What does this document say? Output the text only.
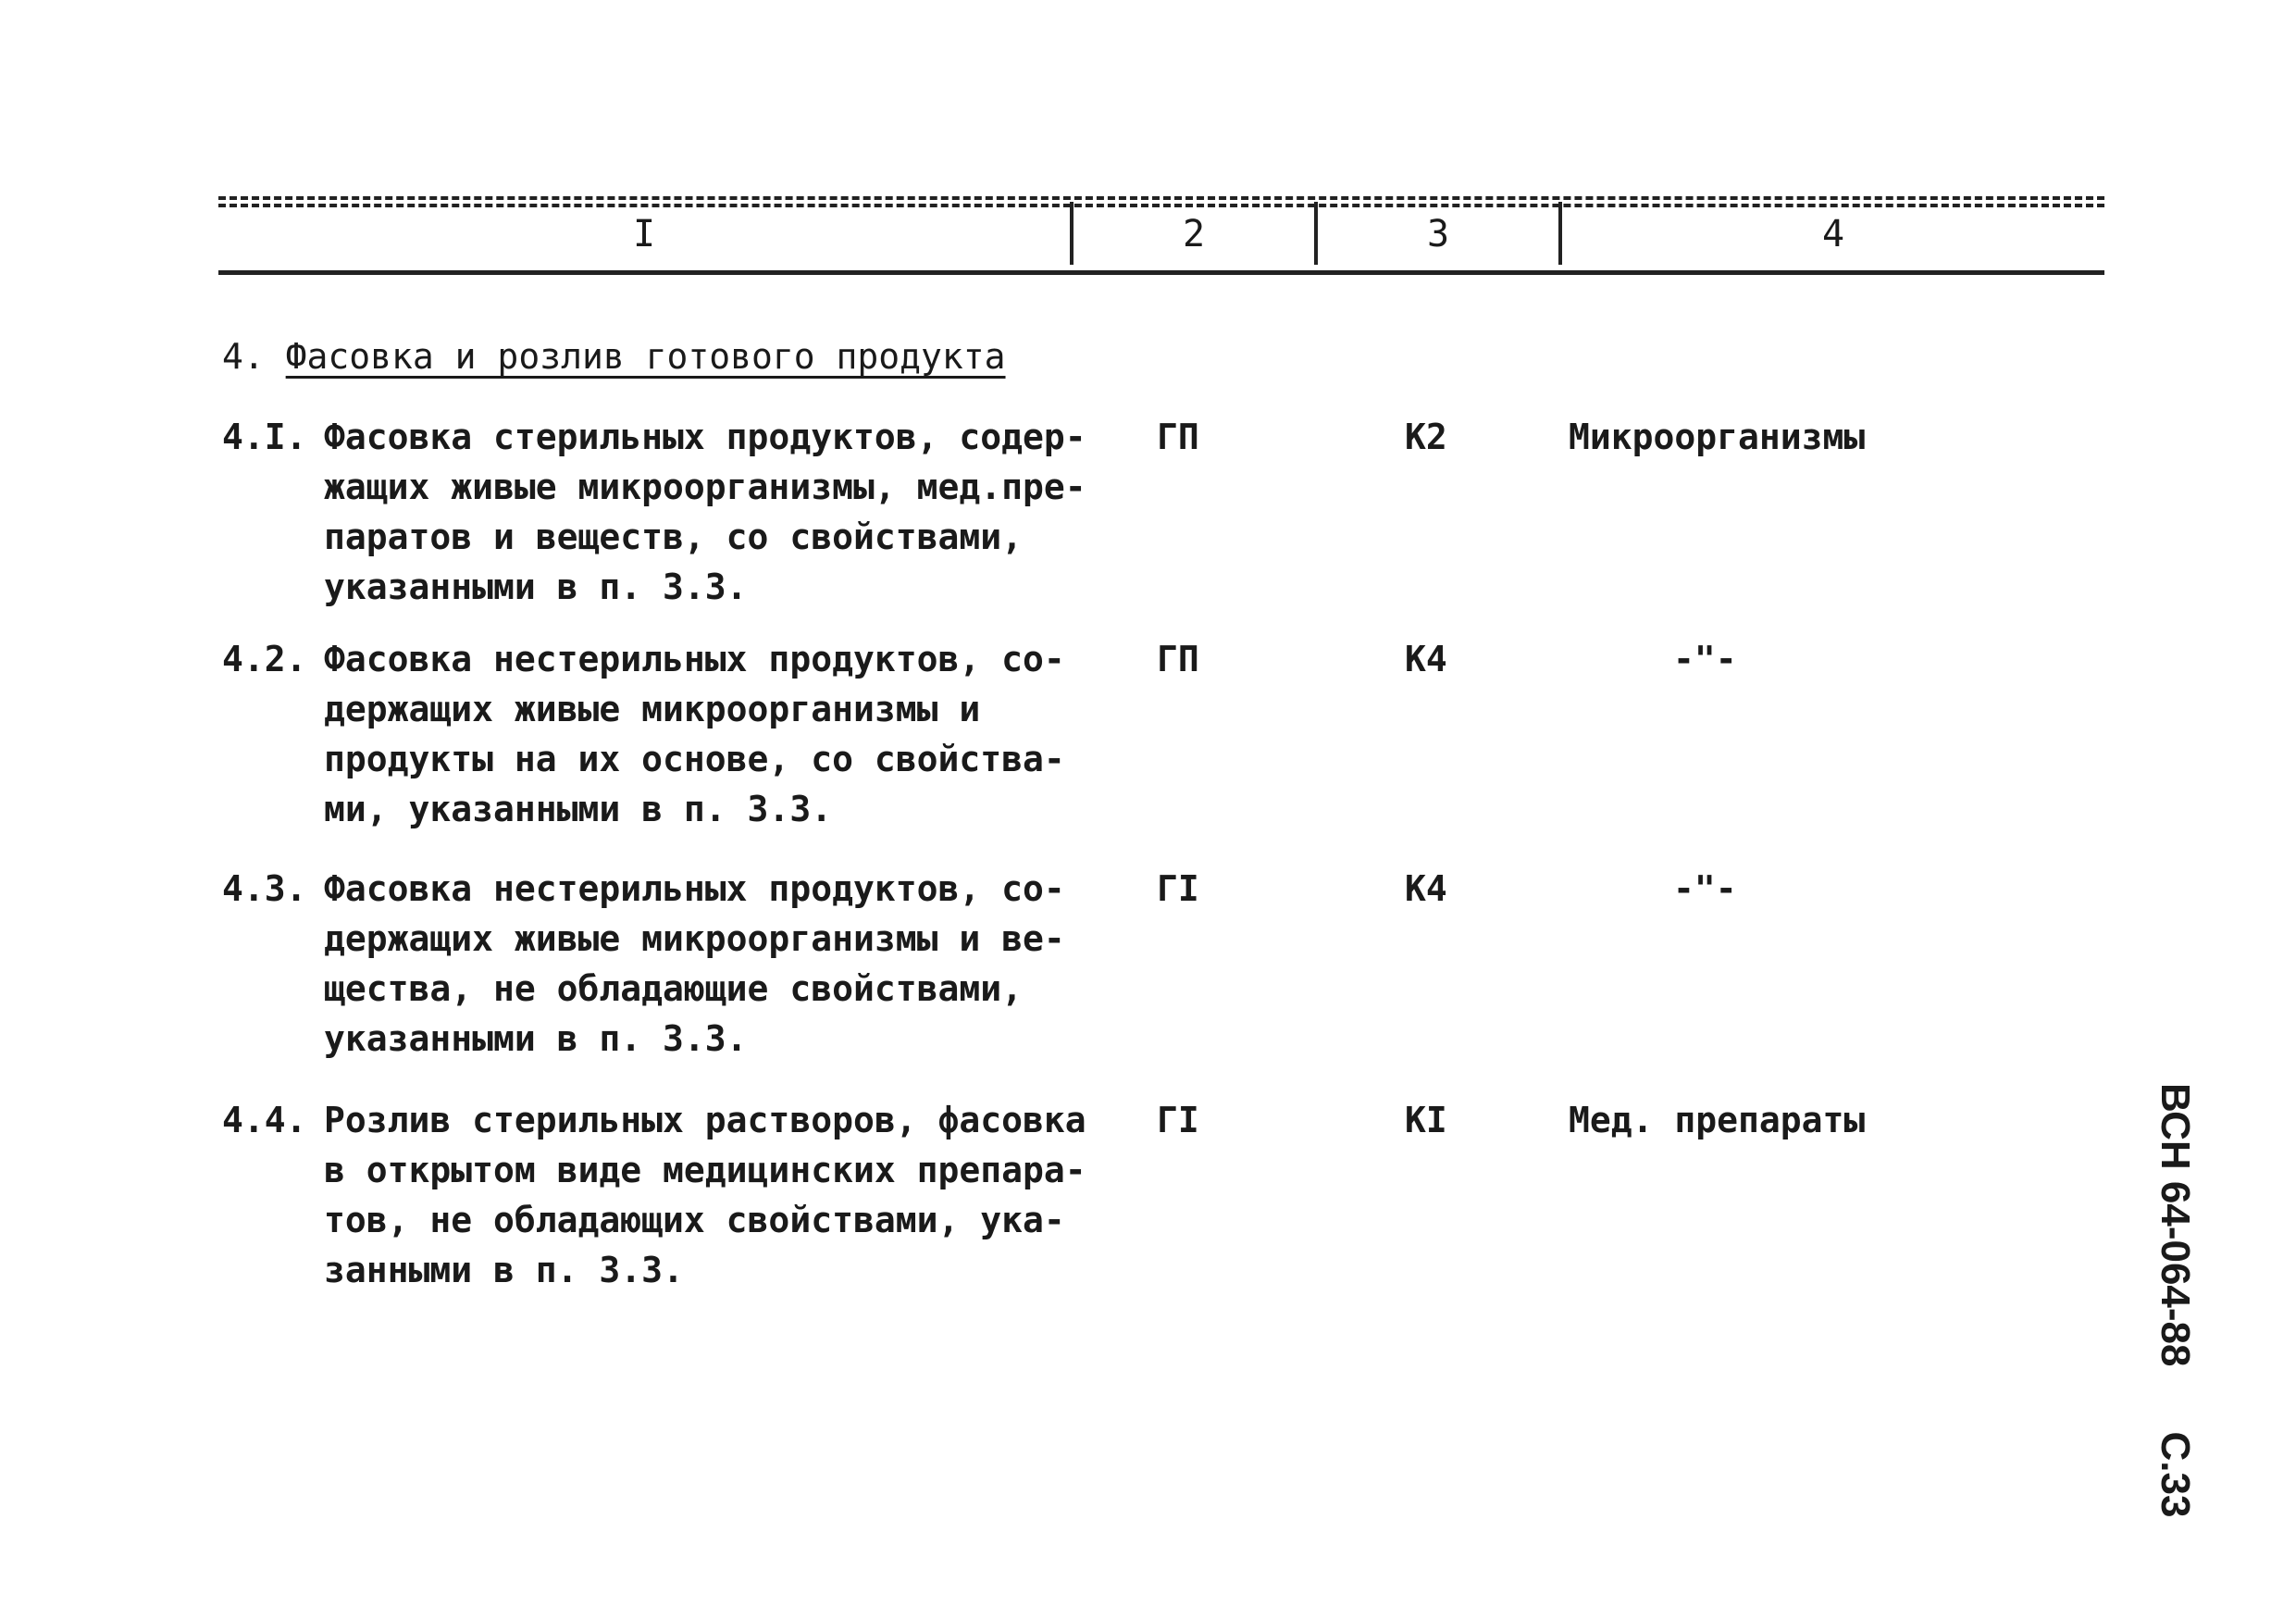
I	2	3	4
4. Фасовка и розлив готового продукта
4.I. Фасовка стерильных продуктов, содер-
жащих живые микроорганизмы, мед.пре-
паратов и веществ, со свойствами,
указанными в п. 3.3.
ГП	К2	Микроорганизмы
4.2. Фасовка нестерильных продуктов, со-
держащих живые микроорганизмы и
продукты на их основе, со свойства-
ми, указанными в п. 3.3.
ГП	К4	-"-
4.3. Фасовка нестерильных продуктов, со-
держащих живые микроорганизмы и ве-
щества, не обладающие свойствами,
указанными в п. 3.3.
ГI	К4	-"-
4.4. Розлив стерильных растворов, фасовка
в открытом виде медицинских препара-
тов, не обладающих свойствами, ука-
занными в п. 3.3.
ГI	КI	Мед. препараты	ВСН 64-064-88С.33
